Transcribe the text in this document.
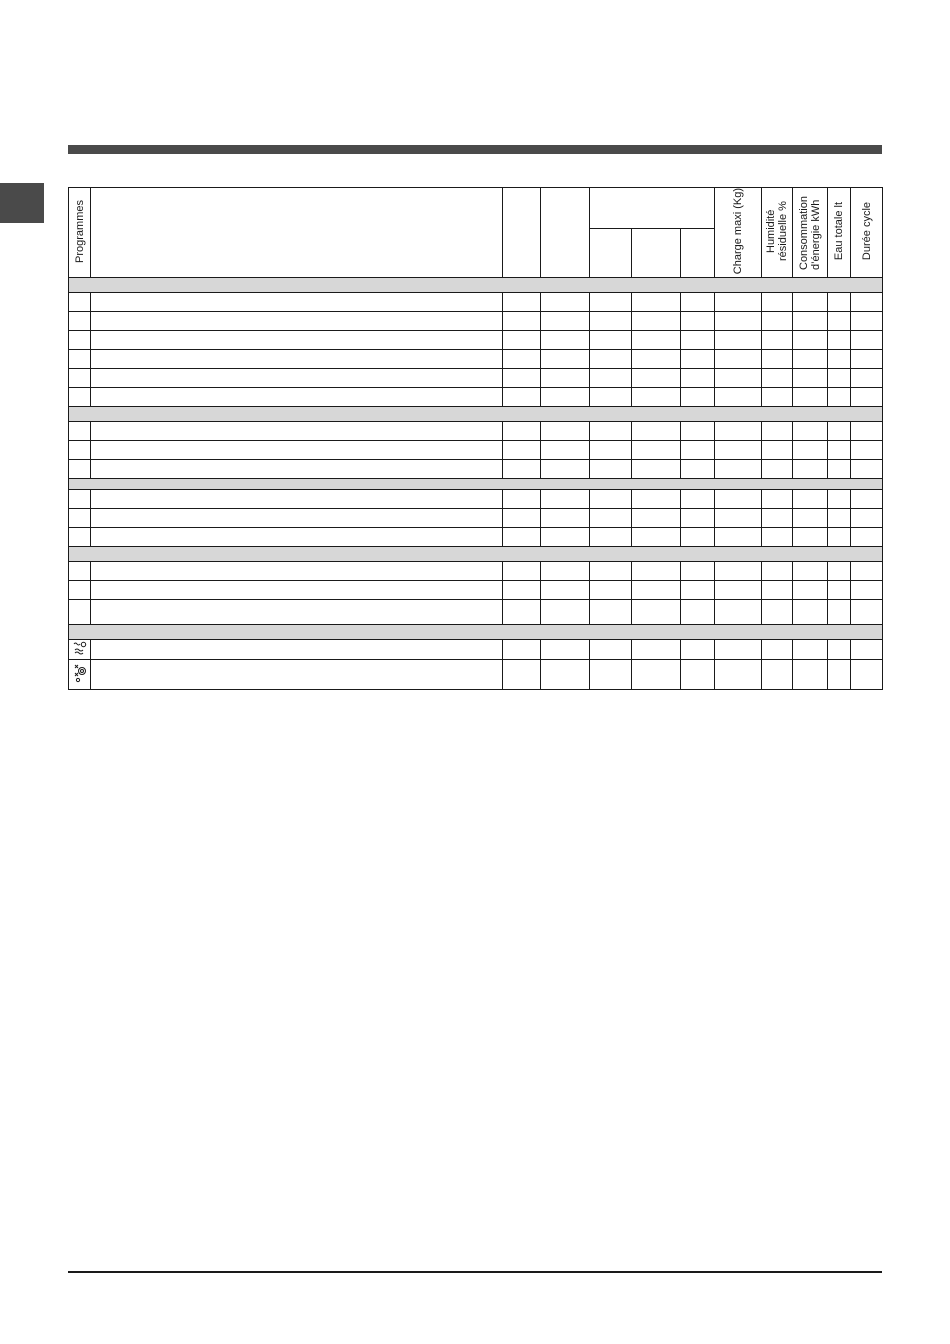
Programmes							Charge maxi (Kg)	Humidité résiduelle %	Consommation d’énergie kWh	Eau totale lt	Durée cycle
